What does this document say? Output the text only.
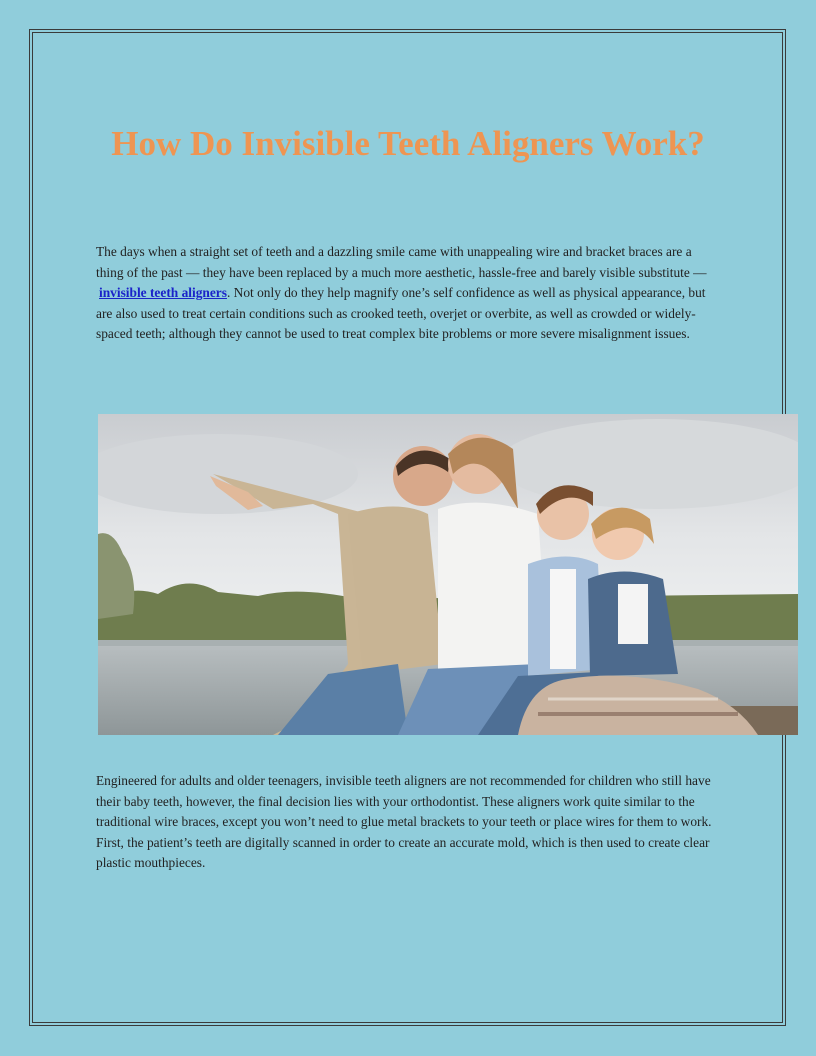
How Do Invisible Teeth Aligners Work?

The days when a straight set of teeth and a dazzling smile came with unappealing wire and bracket braces are a thing of the past — they have been replaced by a much more aesthetic, hassle-free and barely visible substitute — invisible teeth aligners. Not only do they help magnify one’s self confidence as well as physical appearance, but are also used to treat certain conditions such as crooked teeth, overjet or overbite, as well as crowded or widely-spaced teeth; although they cannot be used to treat complex bite problems or more severe misalignment issues.

Engineered for adults and older teenagers, invisible teeth aligners are not recommended for children who still have their baby teeth, however, the final decision lies with your orthodontist. These aligners work quite similar to the traditional wire braces, except you won’t need to glue metal brackets to your teeth or place wires for them to work. First, the patient’s teeth are digitally scanned in order to create an accurate mold, which is then used to create clear plastic mouthpieces.
